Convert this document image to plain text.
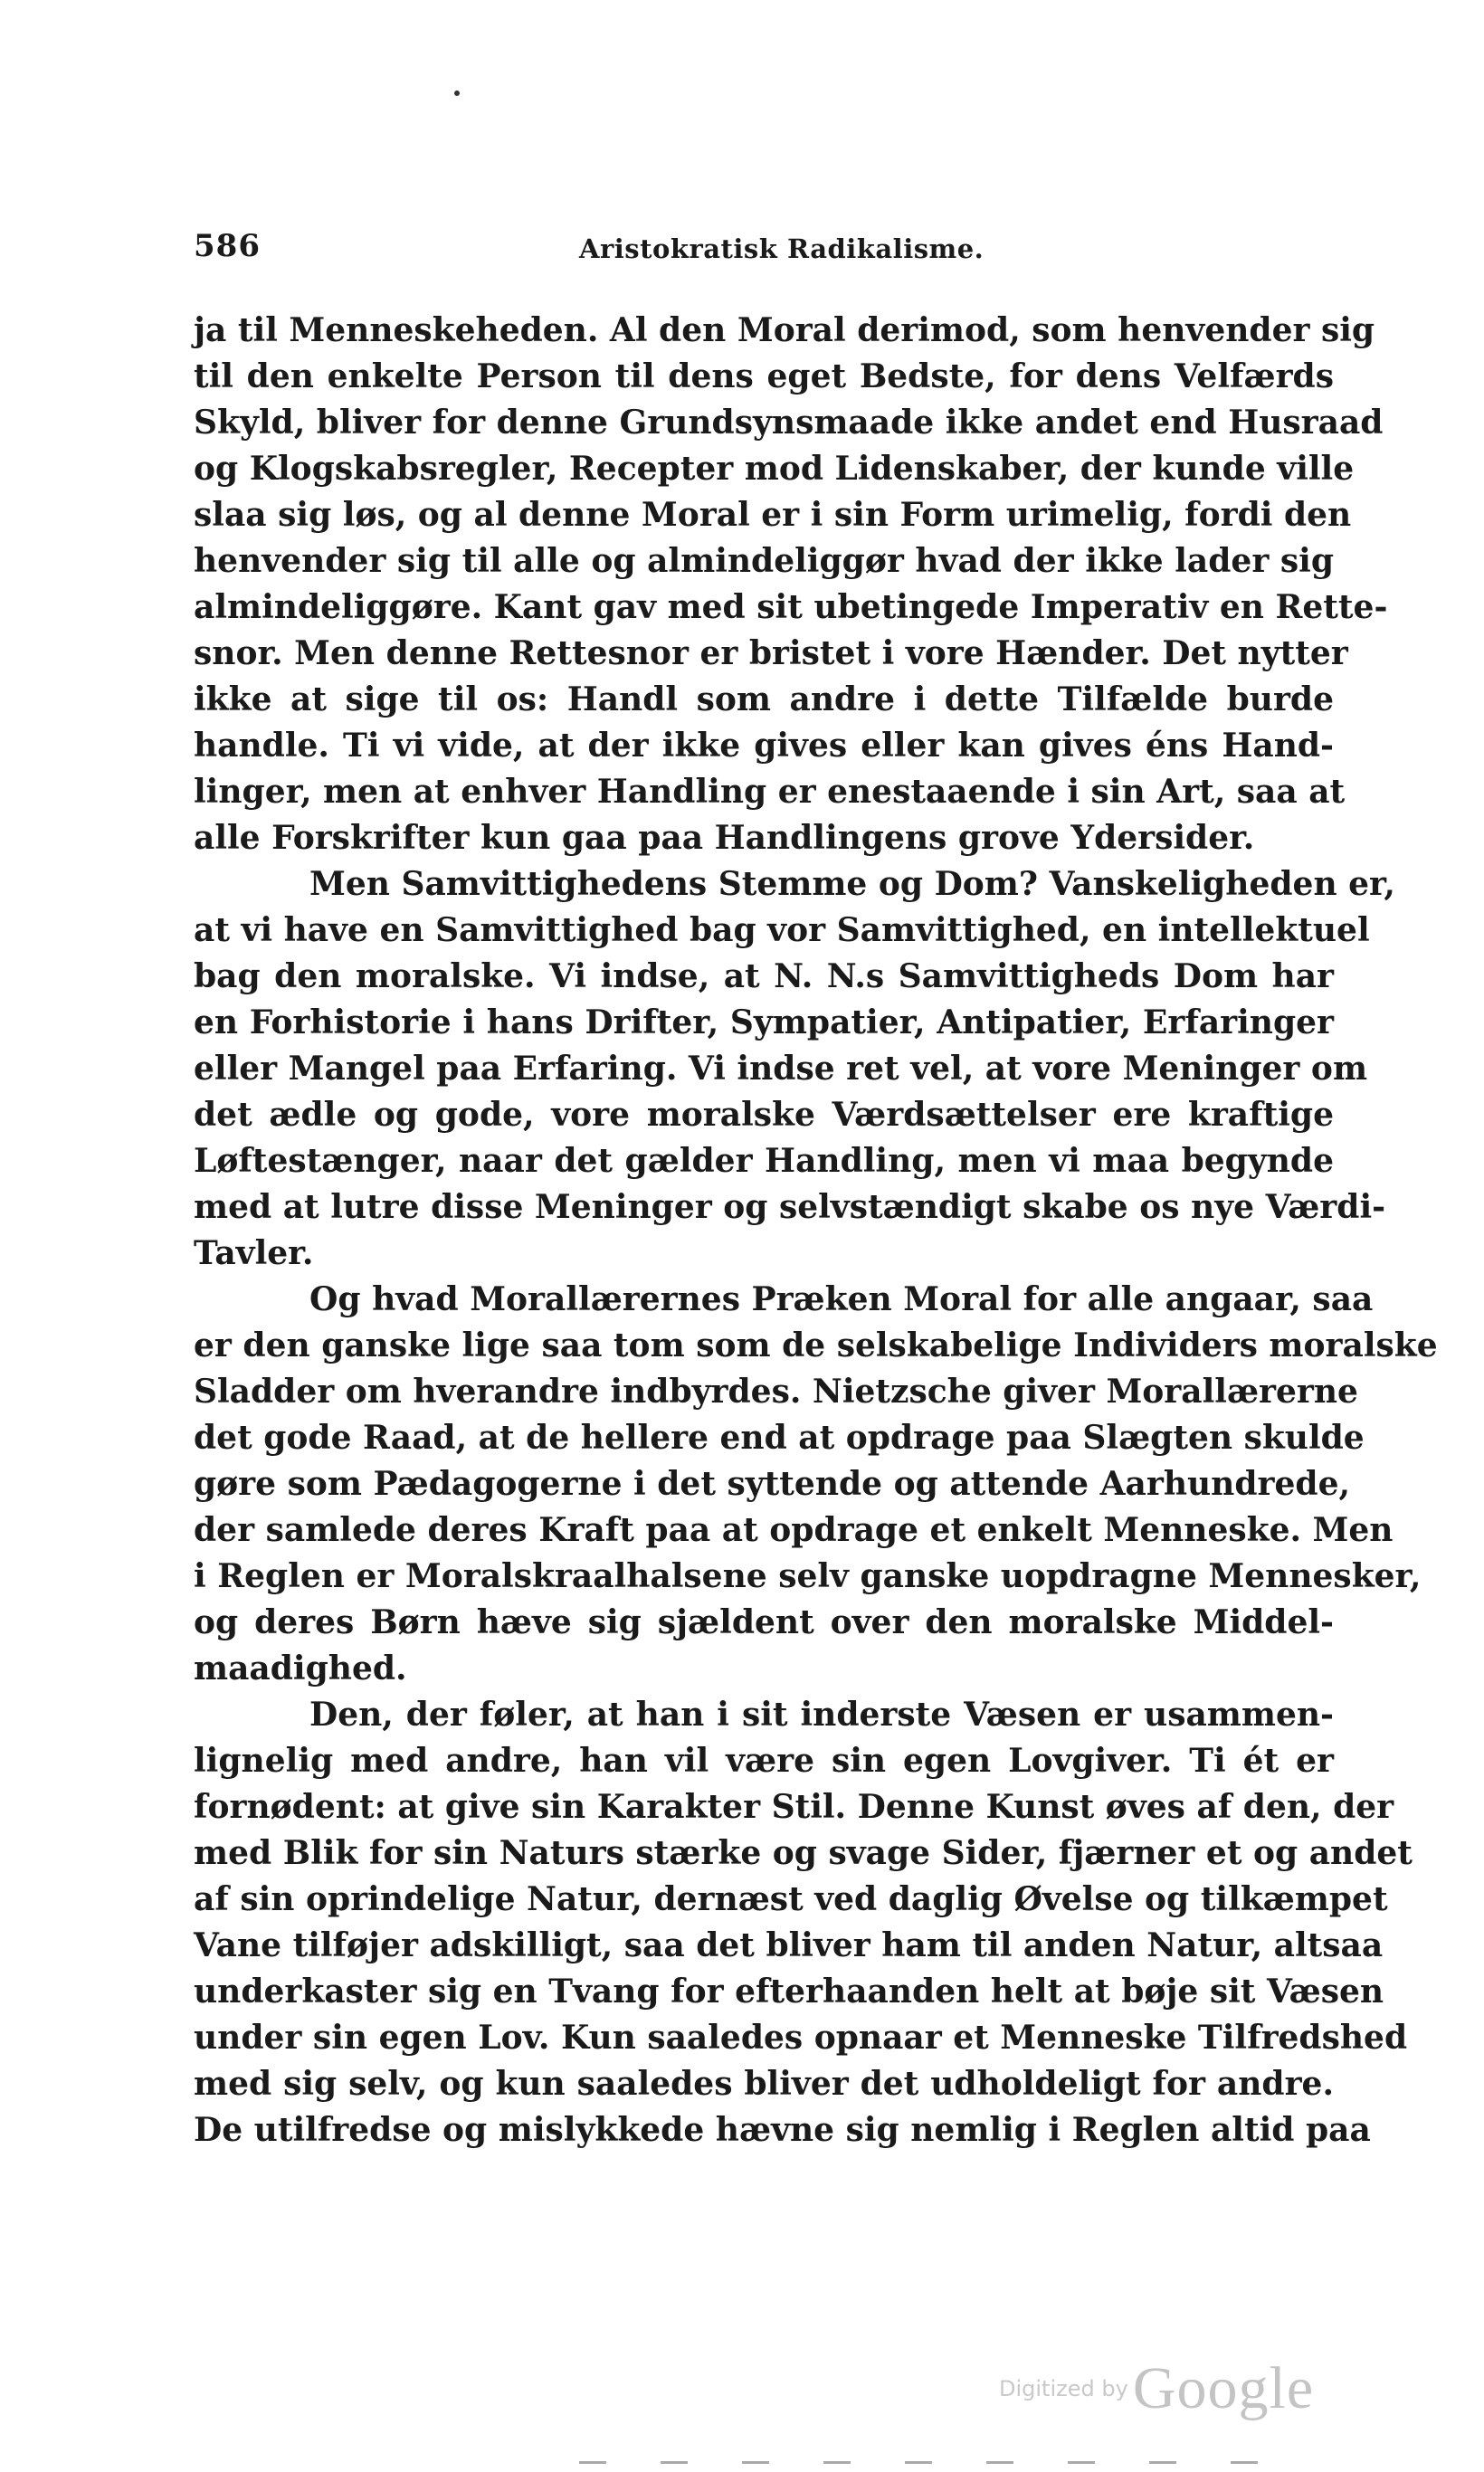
586	Aristokratisk Radikalisme.
ja til Menneskeheden. Al den Moral derimod, som henvender sig
til den enkelte Person til dens eget Bedste, for dens Velfærds
Skyld, bliver for denne Grundsynsmaade ikke andet end Husraad
og Klogskabsregler, Recepter mod Lidenskaber, der kunde ville
slaa sig løs, og al denne Moral er i sin Form urimelig, fordi den
henvender sig til alle og almindeliggør hvad der ikke lader sig
almindeliggøre. Kant gav med sit ubetingede Imperativ en Rette-
snor. Men denne Rettesnor er bristet i vore Hænder. Det nytter
ikke at sige til os: Handl som andre i dette Tilfælde burde
handle. Ti vi vide, at der ikke gives eller kan gives éns Hand-
linger, men at enhver Handling er enestaaende i sin Art, saa at
alle Forskrifter kun gaa paa Handlingens grove Ydersider.
Men Samvittighedens Stemme og Dom? Vanskeligheden er,
at vi have en Samvittighed bag vor Samvittighed, en intellektuel
bag den moralske. Vi indse, at N. N.s Samvittigheds Dom har
en Forhistorie i hans Drifter, Sympatier, Antipatier, Erfaringer
eller Mangel paa Erfaring. Vi indse ret vel, at vore Meninger om
det ædle og gode, vore moralske Værdsættelser ere kraftige
Løftestænger, naar det gælder Handling, men vi maa begynde
med at lutre disse Meninger og selvstændigt skabe os nye Værdi-
Tavler.
Og hvad Morallærernes Præken Moral for alle angaar, saa
er den ganske lige saa tom som de selskabelige Individers moralske
Sladder om hverandre indbyrdes. Nietzsche giver Morallærerne
det gode Raad, at de hellere end at opdrage paa Slægten skulde
gøre som Pædagogerne i det syttende og attende Aarhundrede,
der samlede deres Kraft paa at opdrage et enkelt Menneske. Men
i Reglen er Moralskraalhalsene selv ganske uopdragne Mennesker,
og deres Børn hæve sig sjældent over den moralske Middel-
maadighed.
Den, der føler, at han i sit inderste Væsen er usammen-
lignelig med andre, han vil være sin egen Lovgiver. Ti ét er
fornødent: at give sin Karakter Stil. Denne Kunst øves af den, der
med Blik for sin Naturs stærke og svage Sider, fjærner et og andet
af sin oprindelige Natur, dernæst ved daglig Øvelse og tilkæmpet
Vane tilføjer adskilligt, saa det bliver ham til anden Natur, altsaa
underkaster sig en Tvang for efterhaanden helt at bøje sit Væsen
under sin egen Lov. Kun saaledes opnaar et Menneske Tilfredshed
med sig selv, og kun saaledes bliver det udholdeligt for andre.
De utilfredse og mislykkede hævne sig nemlig i Reglen altid paa
Digitized by Google
